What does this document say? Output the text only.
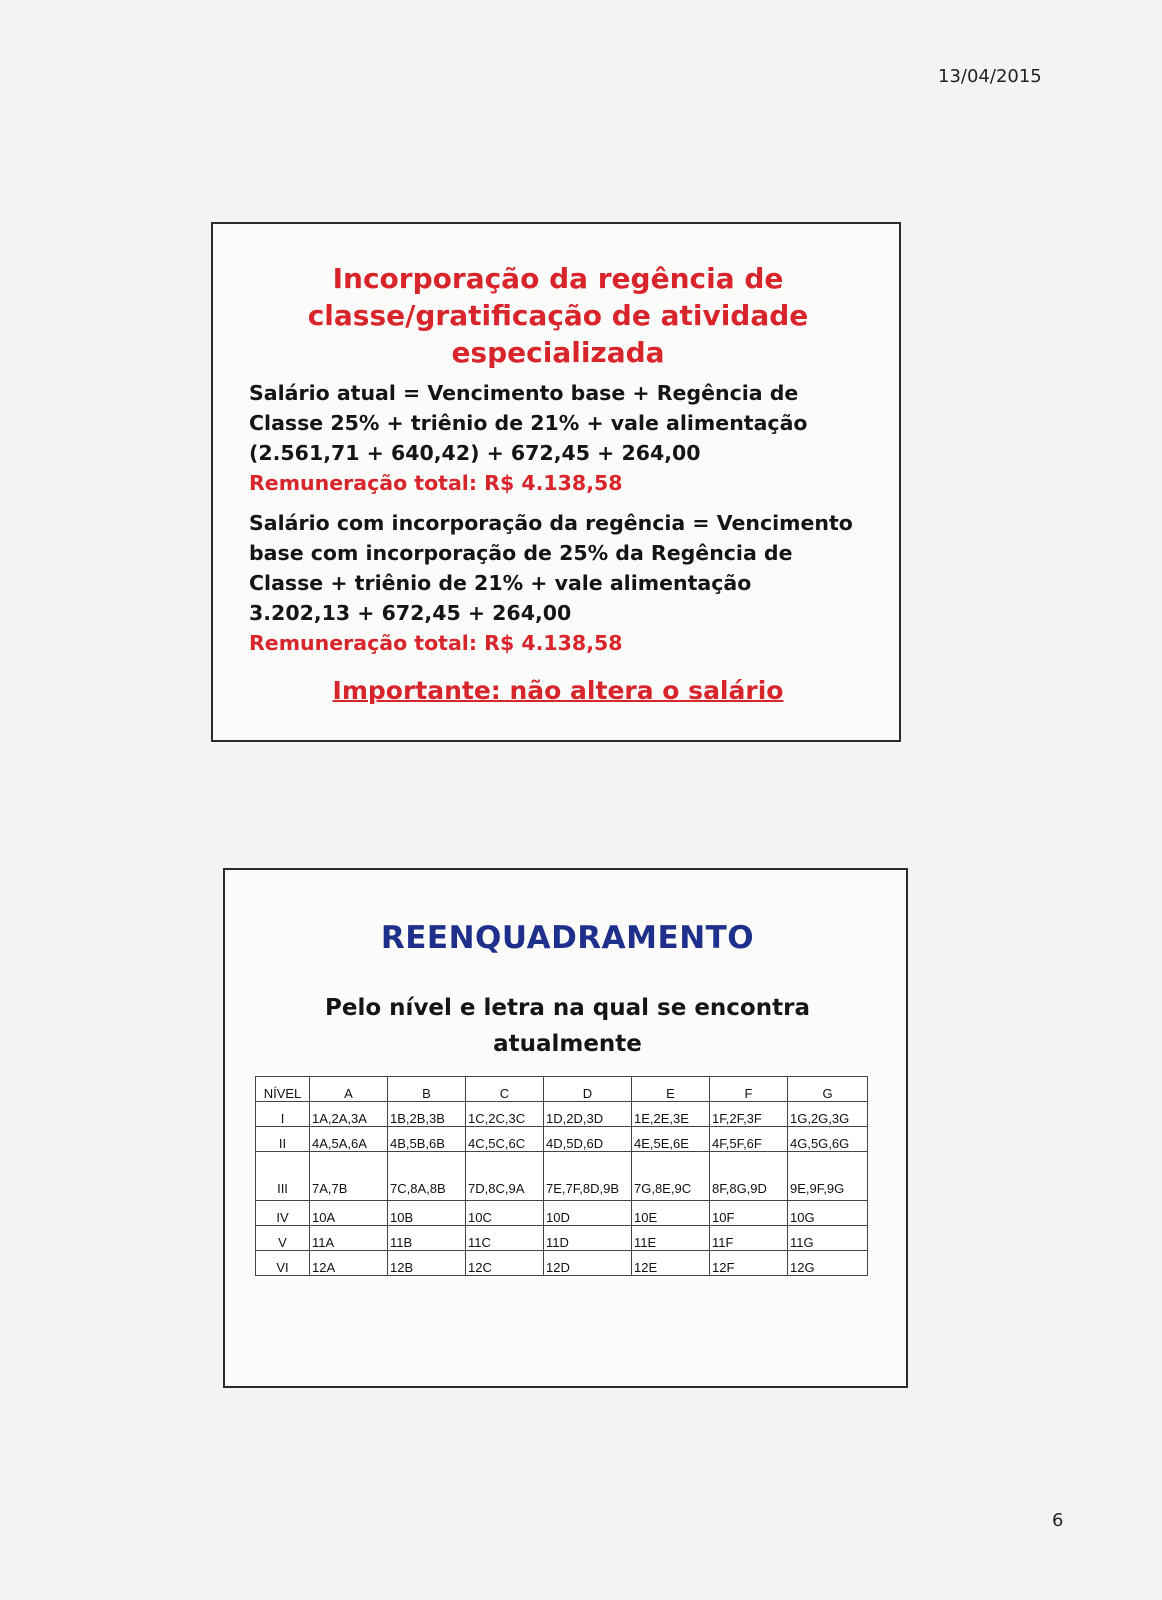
13/04/2015
Incorporação da regência de
classe/gratificação de atividade
especializada
Salário atual = Vencimento base + Regência de
Classe 25% + triênio de 21% + vale alimentação
(2.561,71 + 640,42) + 672,45 + 264,00
Remuneração total: R$ 4.138,58
Salário com incorporação da regência = Vencimento
base com incorporação de 25% da Regência de
Classe + triênio de 21% + vale alimentação
3.202,13 + 672,45 + 264,00
Remuneração total: R$ 4.138,58
Importante: não altera o salário
REENQUADRAMENTO
Pelo nível e letra na qual se encontra
atualmente
NÍVEL	A	B	C	D	E	F	G
I	1A,2A,3A	1B,2B,3B	1C,2C,3C	1D,2D,3D	1E,2E,3E	1F,2F,3F	1G,2G,3G
II	4A,5A,6A	4B,5B,6B	4C,5C,6C	4D,5D,6D	4E,5E,6E	4F,5F,6F	4G,5G,6G
III	7A,7B	7C,8A,8B	7D,8C,9A	7E,7F,8D,9B	7G,8E,9C	8F,8G,9D	9E,9F,9G
IV	10A	10B	10C	10D	10E	10F	10G
V	11A	11B	11C	11D	11E	11F	11G
VI	12A	12B	12C	12D	12E	12F	12G
6
